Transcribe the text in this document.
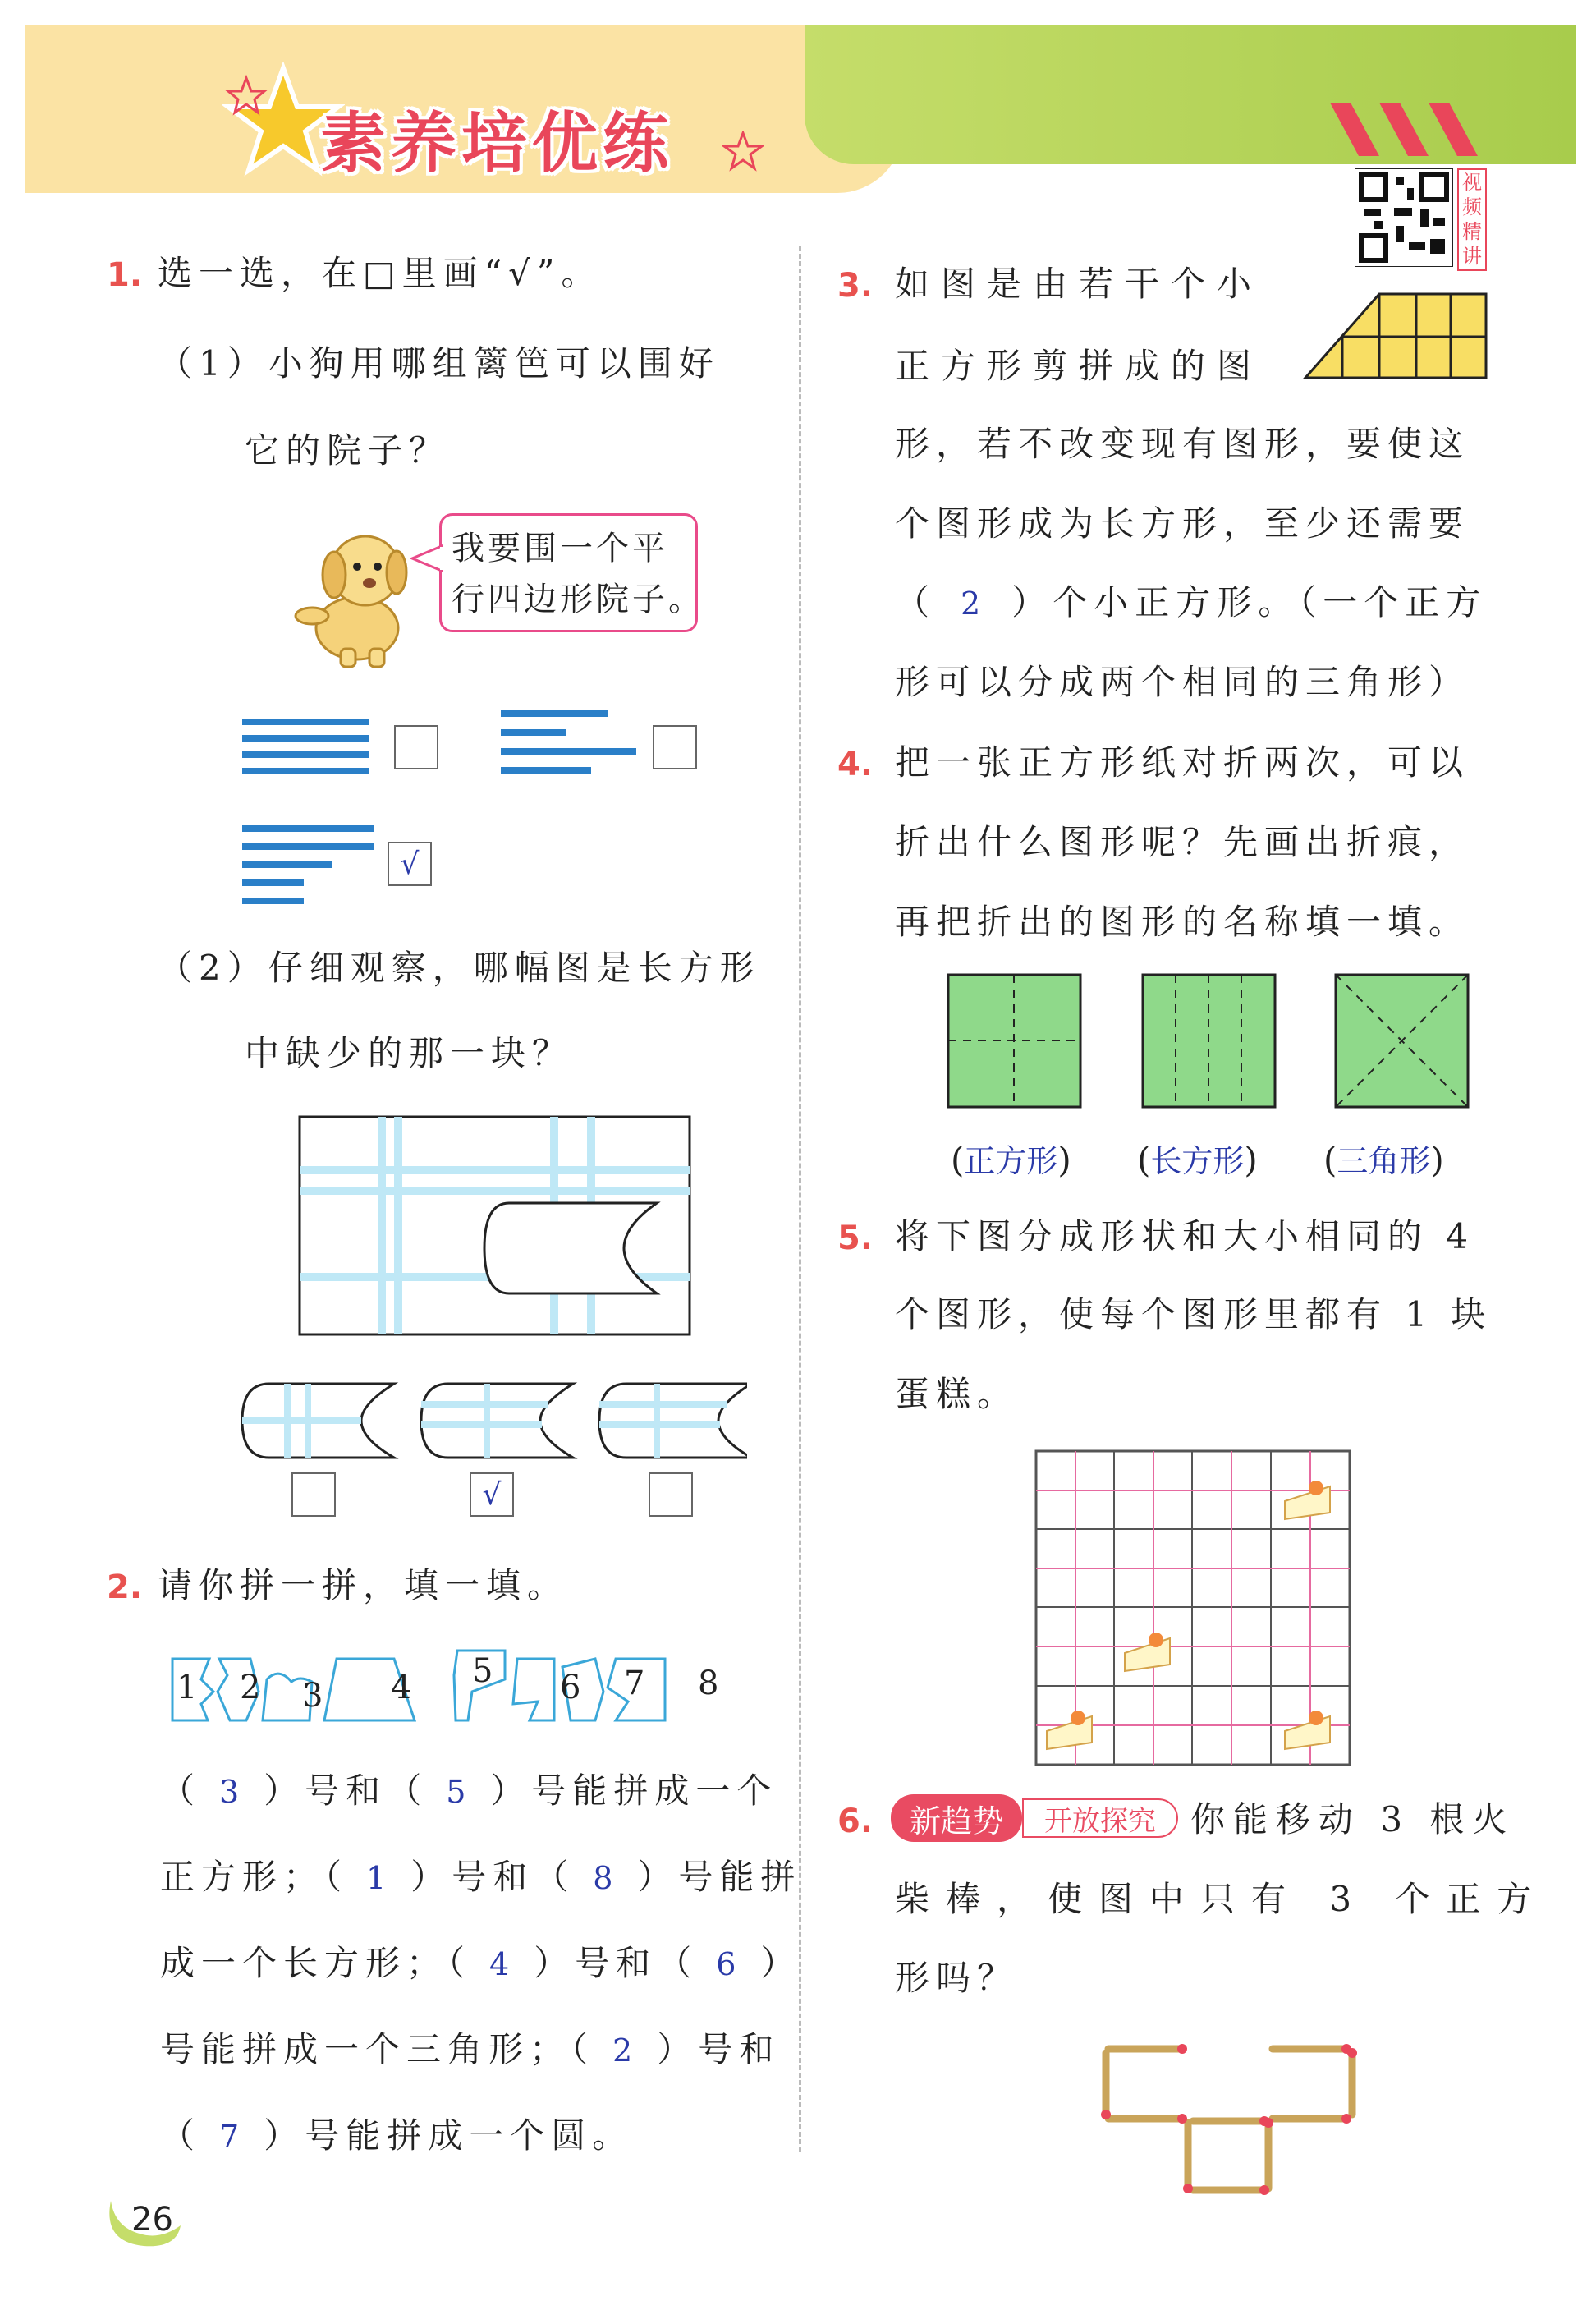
素养培优练
视频精讲
1. 选一选，在□里画“√”。
（1）小狗用哪组篱笆可以围好
它的院子？
我要围一个平
行四边形院子。
√
（2）仔细观察，哪幅图是长方形
中缺少的那一块？
√
2. 请你拼一拼，填一填。
1 2 3 4 5 6 7 8
（ 3 ）号和（ 5 ）号能拼成一个
正方形；（ 1 ）号和（ 8 ）号能拼
成一个长方形；（ 4 ）号和（ 6 ）
号能拼成一个三角形；（ 2 ）号和
（ 7 ）号能拼成一个圆。
3. 如图是由若干个小
正方形剪拼成的图
形，若不改变现有图形，要使这
个图形成为长方形，至少还需要
（ 2 ）个小正方形。（一个正方
形可以分成两个相同的三角形）
4. 把一张正方形纸对折两次，可以
折出什么图形呢？先画出折痕，
再把折出的图形的名称填一填。
(正方形) (长方形) (三角形)
5. 将下图分成形状和大小相同的 4
个图形，使每个图形里都有 1 块
蛋糕。
6.	新趋势	开放探究	你能移动 3 根火
柴棒，使图中只有 3 个正方
形吗？
26
